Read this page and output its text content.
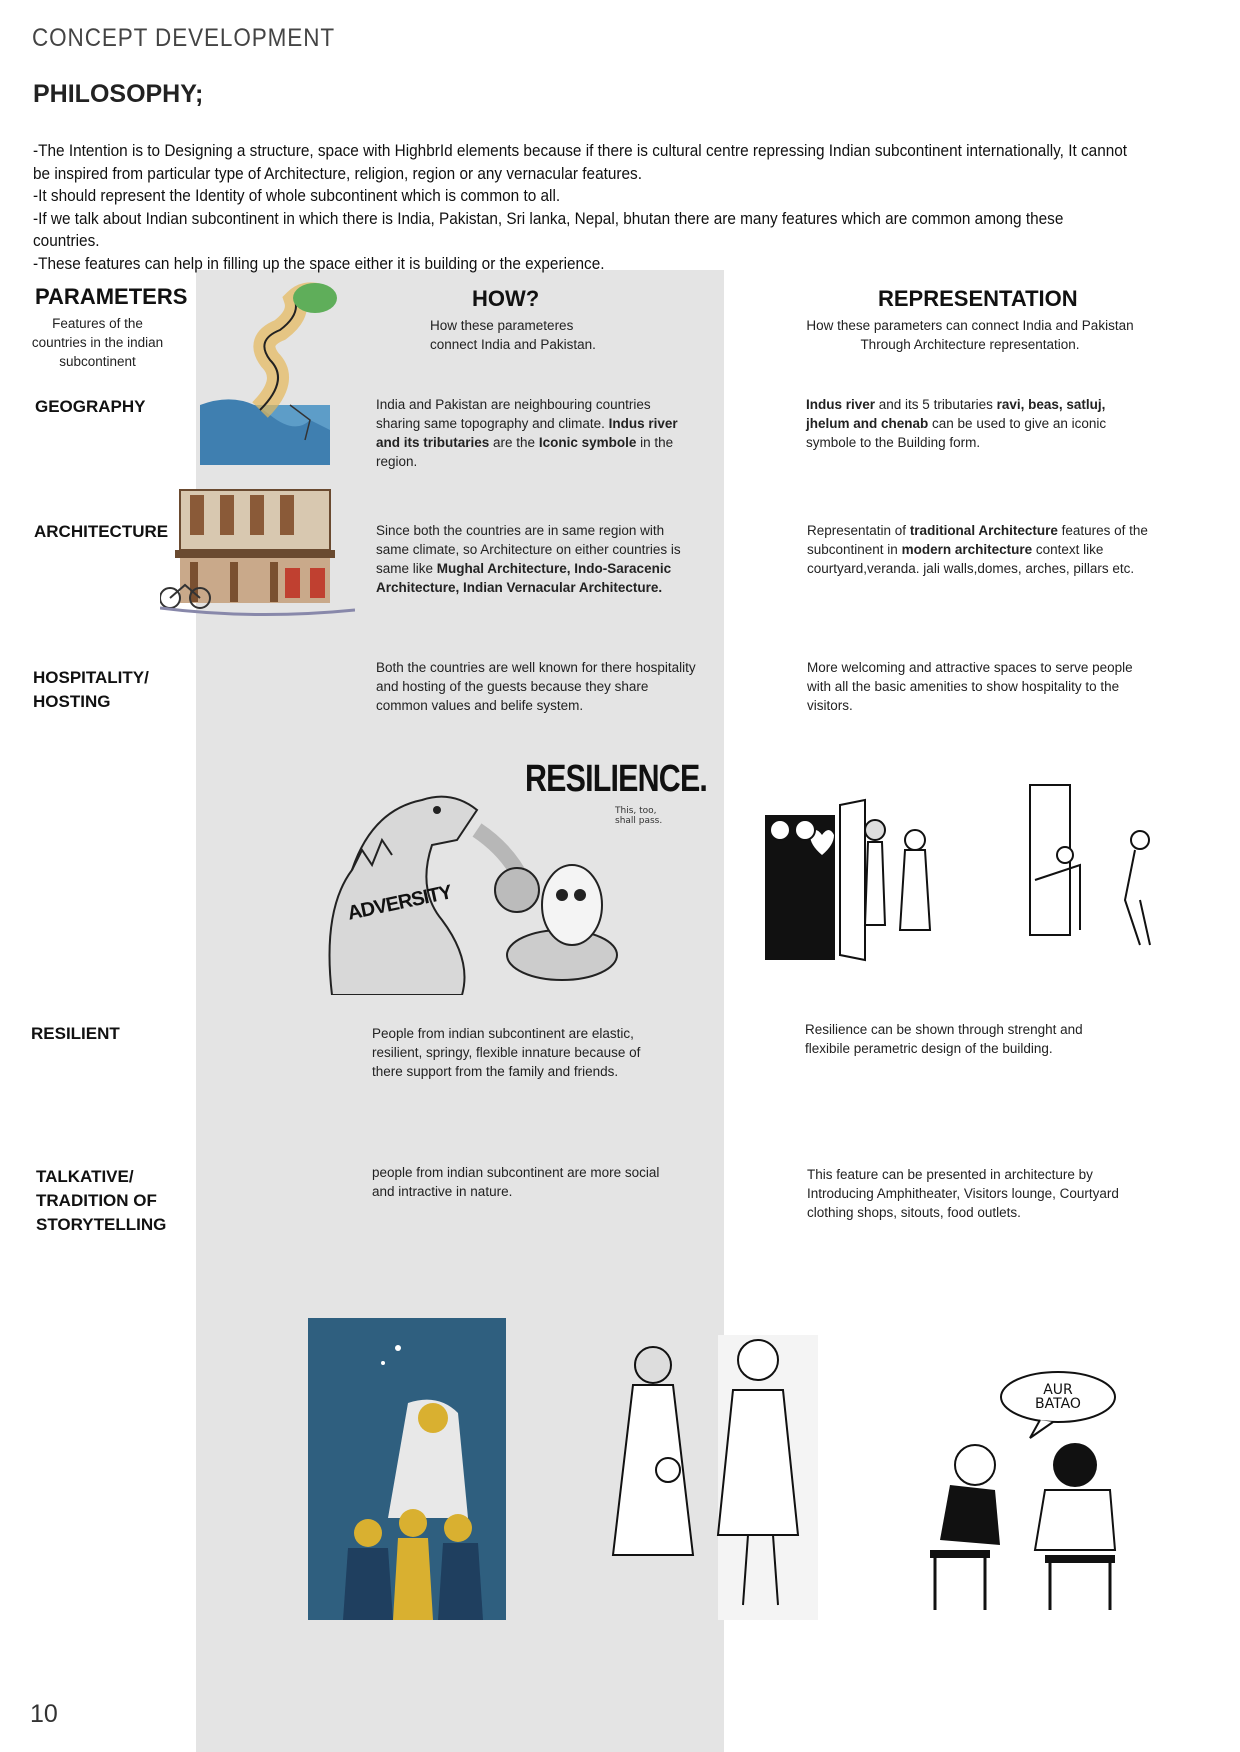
CONCEPT DEVELOPMENT
PHILOSOPHY;
-The Intention is to Designing a structure, space with HighbrId elements because if there is cultural centre repressing Indian subcontinent internationally, It cannot be inspired from particular type of Architecture, religion, region or any vernacular features.
-It should represent the Identity of whole subcontinent which is common to all.
-If we talk about Indian subcontinent in which there is India, Pakistan, Sri lanka, Nepal, bhutan there are many features which are common among these countries.
-These features can help in filling up the space either it is building or the experience.
PARAMETERS
Features of the countries in the indian subcontinent
HOW?
How these parameteres connect India and Pakistan.
REPRESENTATION
How these parameters can connect India and Pakistan Through Architecture representation.
GEOGRAPHY
ARCHITECTURE
HOSPITALITY/
HOSTING
RESILIENT
TALKATIVE/
TRADITION OF
STORYTELLING
India and Pakistan are neighbouring countries sharing same topography and climate. Indus river and its tributaries are the Iconic symbole in the region.
Since both the countries are in same region with same climate, so Architecture on either countries is same like Mughal Architecture, Indo-Saracenic Architecture, Indian Vernacular Architecture.
Both the countries are well known for there hospitality and hosting of the guests because they share common values and belife system.
People from indian subcontinent are elastic, resilient, springy, flexible innature because of there support from the family and friends.
people from indian subcontinent are more social and intractive in nature.
Indus river and its 5 tributaries ravi, beas, satluj, jhelum and chenab can be used to give an iconic symbole to the Building form.
Representatin of traditional Architecture features of the subcontinent in modern architecture context like courtyard,veranda. jali walls,domes, arches, pillars etc.
More welcoming and attractive spaces to serve people with all the basic amenities to show hospitality to the visitors.
Resilience can be shown through strenght and flexibile perametric design of the building.
This feature can be presented in architecture by Introducing Amphitheater, Visitors lounge, Courtyard clothing shops, sitouts, food outlets.
RESILIENCE.
This, too, shall pass.
ADVERSITY
AUR BATAO
10
